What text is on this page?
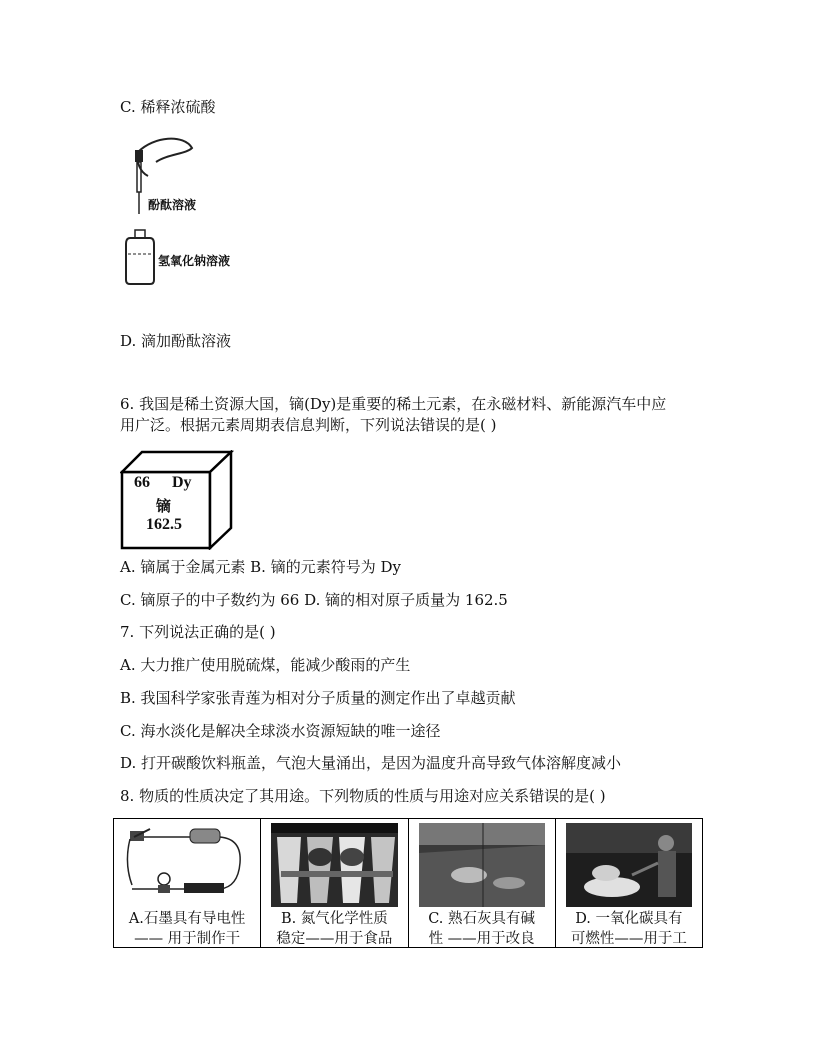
C. 稀释浓硫酸
酚酞溶液
氢氧化钠溶液
D. 滴加酚酞溶液
6. 我国是稀土资源大国，镝(Dy)是重要的稀土元素，在永磁材料、新能源汽车中应
用广泛。根据元素周期表信息判断，下列说法错误的是( )
66 Dy
镝
162.5
A. 镝属于金属元素 B. 镝的元素符号为 Dy
C. 镝原子的中子数约为 66 D. 镝的相对原子质量为 162.5
7. 下列说法正确的是( )
A. 大力推广使用脱硫煤，能减少酸雨的产生
B. 我国科学家张青莲为相对分子质量的测定作出了卓越贡献
C. 海水淡化是解决全球淡水资源短缺的唯一途径
D. 打开碳酸饮料瓶盖，气泡大量涌出，是因为温度升高导致气体溶解度减小
8. 物质的性质决定了其用途。下列物质的性质与用途对应关系错误的是( )
A.石墨具有导电性
—— 用于制作干
B. 氮气化学性质
稳定——用于食品
C. 熟石灰具有碱
性 ——用于改良
D. 一氧化碳具有
可燃性——用于工
